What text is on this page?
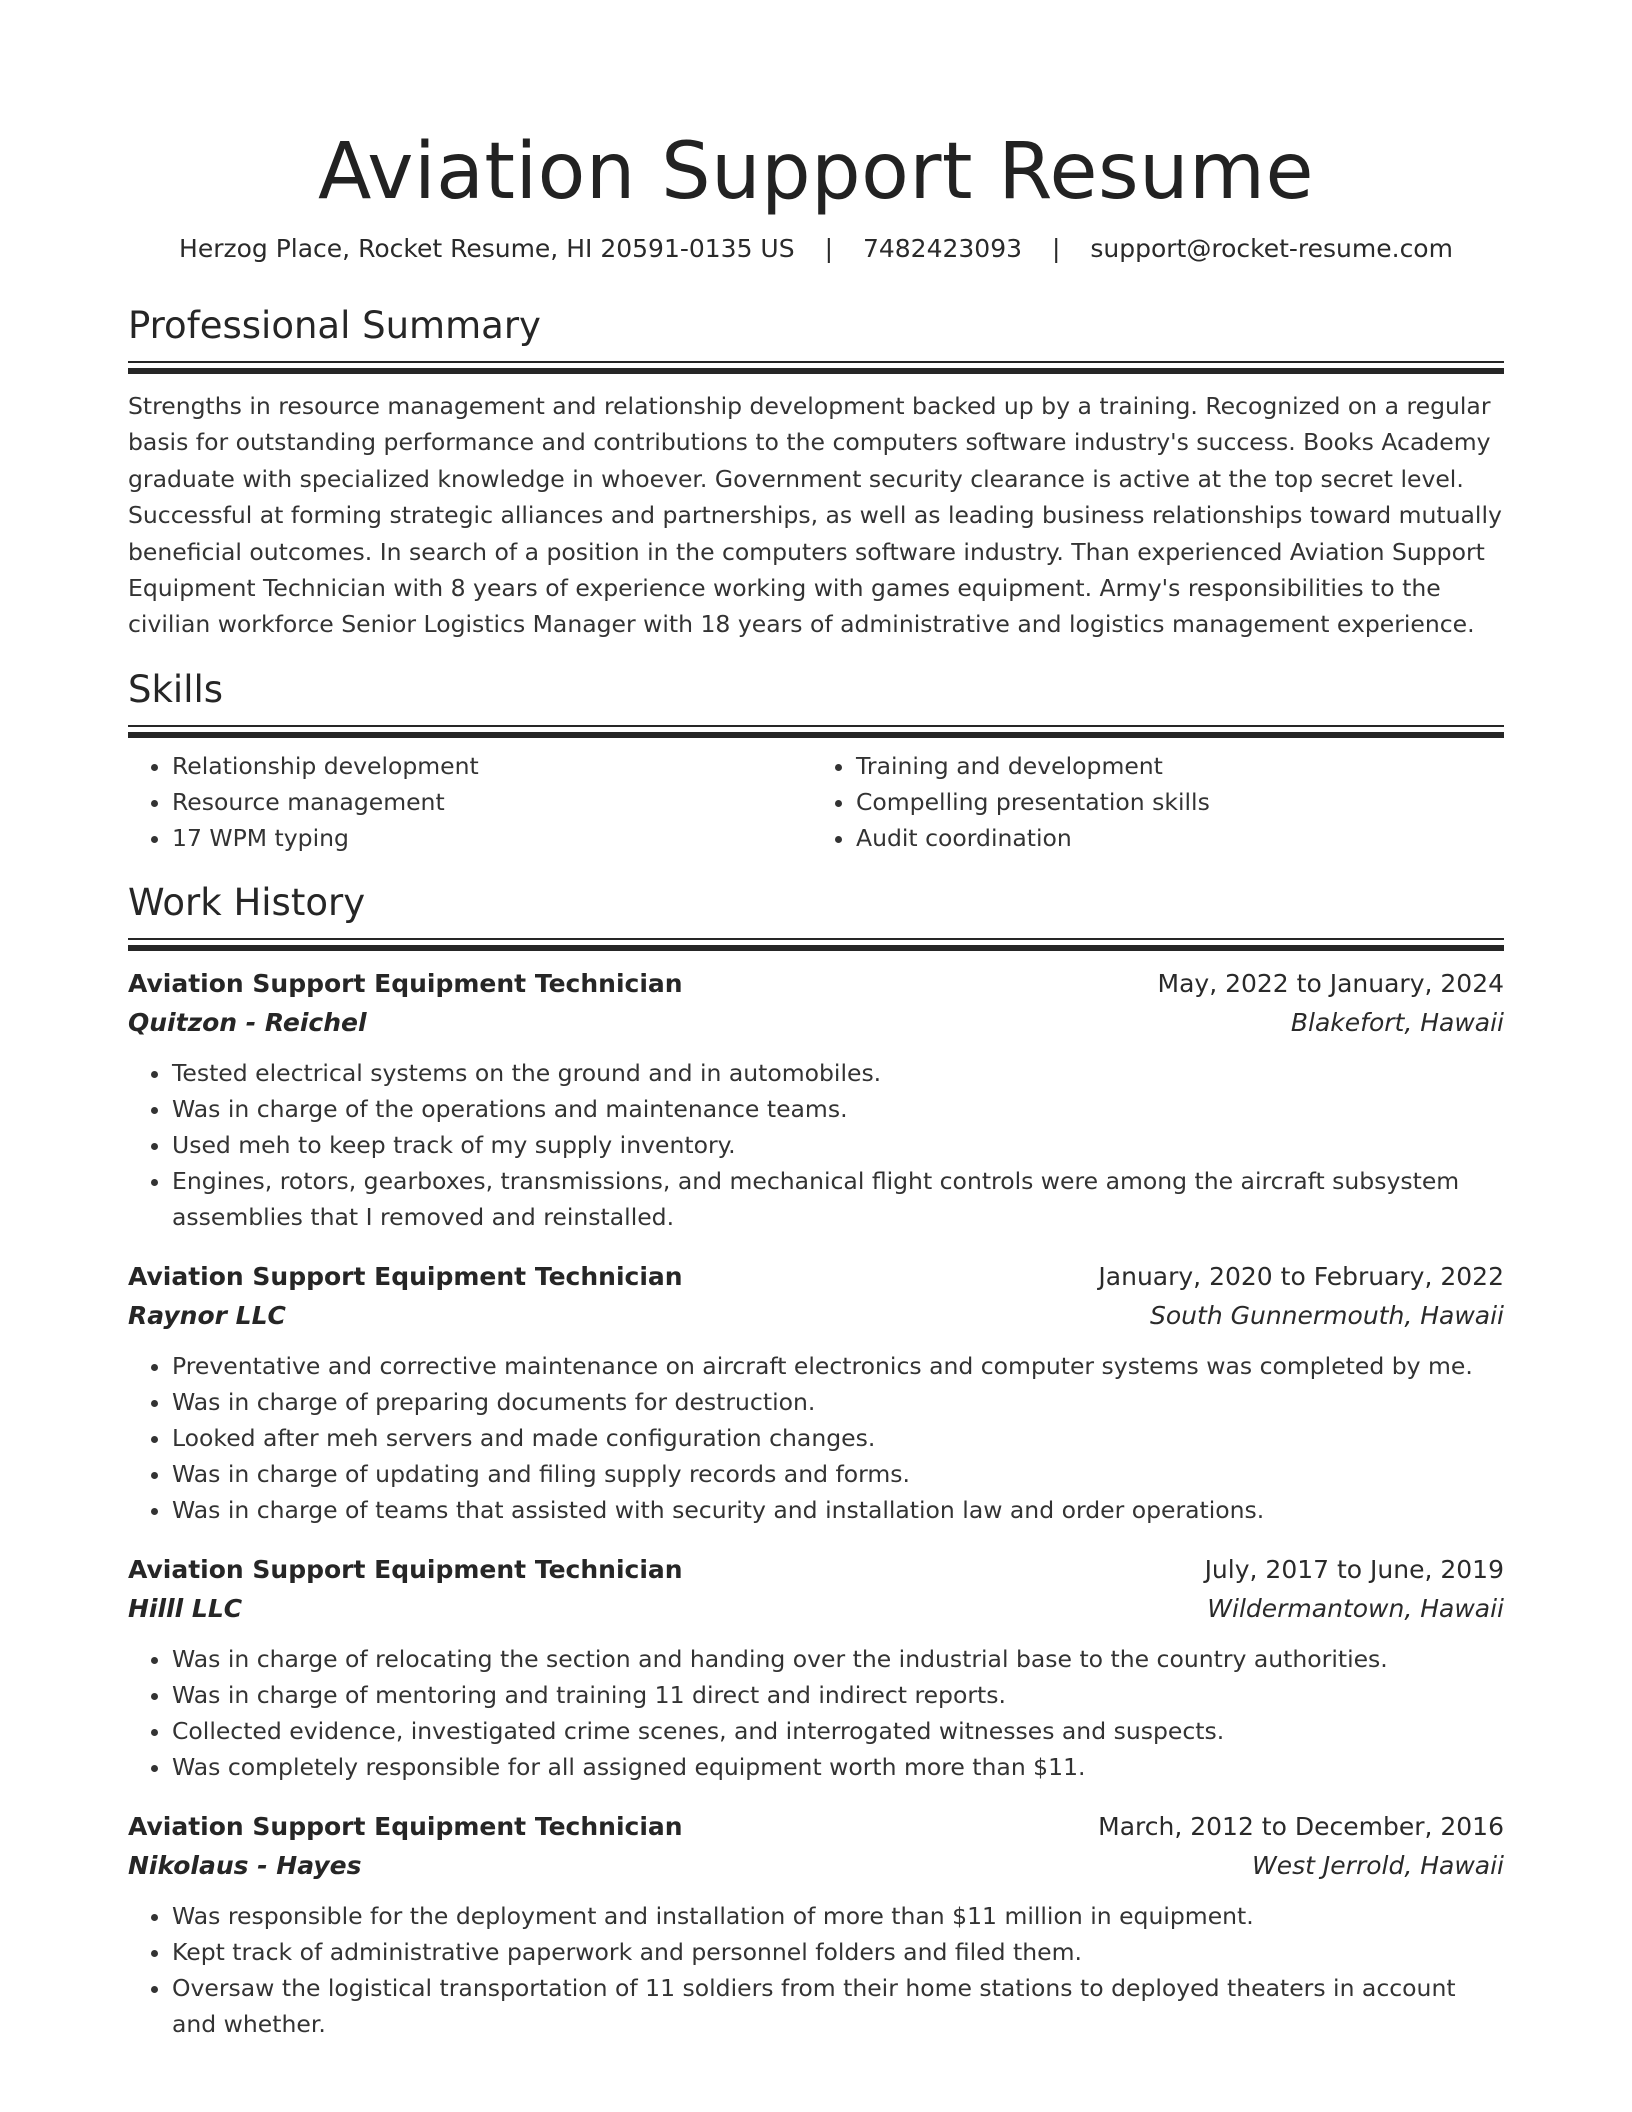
Aviation Support Resume
Herzog Place, Rocket Resume, HI 20591-0135 US | 7482423093 | support@rocket-resume.com
Professional Summary

Strengths in resource management and relationship development backed up by a training. Recognized on a regular basis for outstanding performance and contributions to the computers software industry's success. Books Academy graduate with specialized knowledge in whoever. Government security clearance is active at the top secret level. Successful at forming strategic alliances and partnerships, as well as leading business relationships toward mutually beneficial outcomes. In search of a position in the computers software industry. Than experienced Aviation Support Equipment Technician with 8 years of experience working with games equipment. Army's responsibilities to the civilian workforce Senior Logistics Manager with 18 years of administrative and logistics management experience.

Skills
• Relationship development
• Resource management
• 17 WPM typing
• Training and development
• Compelling presentation skills
• Audit coordination
Work History
Aviation Support Equipment Technician	May, 2022 to January, 2024
Quitzon - Reichel	Blakefort, Hawaii
• Tested electrical systems on the ground and in automobiles.
• Was in charge of the operations and maintenance teams.
• Used meh to keep track of my supply inventory.
• Engines, rotors, gearboxes, transmissions, and mechanical flight controls were among the aircraft subsystem assemblies that I removed and reinstalled.
Aviation Support Equipment Technician	January, 2020 to February, 2022
Raynor LLC	South Gunnermouth, Hawaii
• Preventative and corrective maintenance on aircraft electronics and computer systems was completed by me.
• Was in charge of preparing documents for destruction.
• Looked after meh servers and made configuration changes.
• Was in charge of updating and filing supply records and forms.
• Was in charge of teams that assisted with security and installation law and order operations.
Aviation Support Equipment Technician	July, 2017 to June, 2019
Hilll LLC	Wildermantown, Hawaii
• Was in charge of relocating the section and handing over the industrial base to the country authorities.
• Was in charge of mentoring and training 11 direct and indirect reports.
• Collected evidence, investigated crime scenes, and interrogated witnesses and suspects.
• Was completely responsible for all assigned equipment worth more than $11.
Aviation Support Equipment Technician	March, 2012 to December, 2016
Nikolaus - Hayes	West Jerrold, Hawaii
• Was responsible for the deployment and installation of more than $11 million in equipment.
• Kept track of administrative paperwork and personnel folders and filed them.
• Oversaw the logistical transportation of 11 soldiers from their home stations to deployed theaters in account and whether.
